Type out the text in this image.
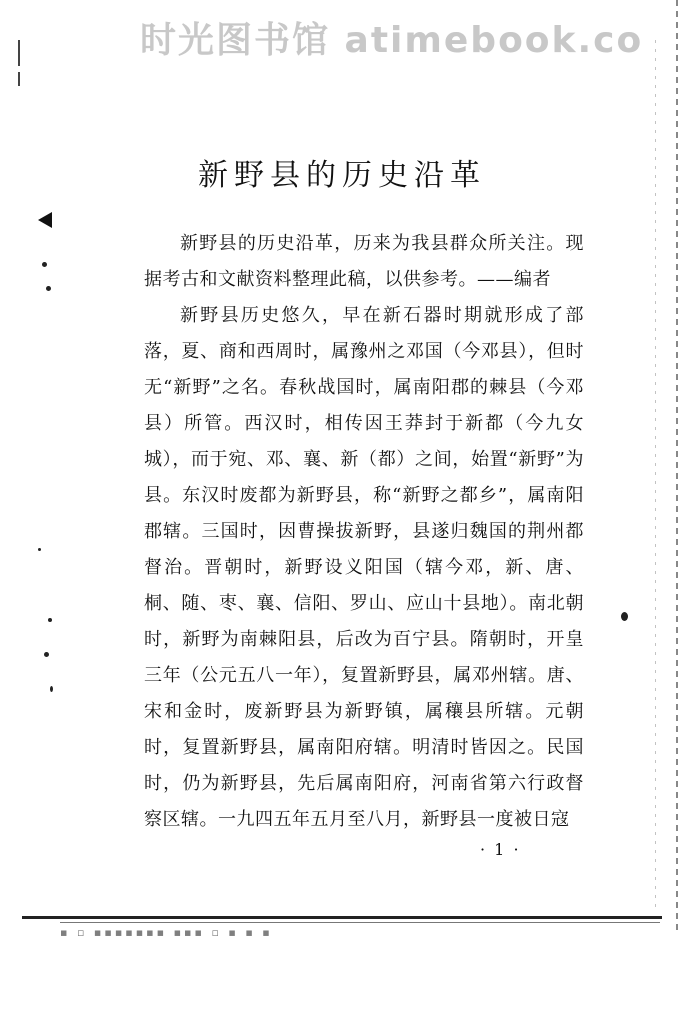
时光图书馆 atimebook.co
新野县的历史沿革

新野县的历史沿革，历来为我县群众所关注。现据考古和文献资料整理此稿，以供参考。——编者

新野县历史悠久，早在新石器时期就形成了部落，夏、商和西周时，属豫州之邓国（今邓县），但时无“新野”之名。春秋战国时，属南阳郡的棘县（今邓县）所管。西汉时，相传因王莽封于新都（今九女城），而于宛、邓、襄、新（都）之间，始置“新野”为县。东汉时废都为新野县，称“新野之都乡”，属南阳郡辖。三国时，因曹操拔新野，县遂归魏国的荆州都督治。晋朝时，新野设义阳国（辖今邓，新、唐、桐、随、枣、襄、信阳、罗山、应山十县地）。南北朝时，新野为南棘阳县，后改为百宁县。隋朝时，开皇三年（公元五八一年），复置新野县，属邓州辖。唐、宋和金时，废新野县为新野镇，属穰县所辖。元朝时，复置新野县，属南阳府辖。明清时皆因之。民国时，仍为新野县，先后属南阳府，河南省第六行政督察区辖。一九四五年五月至八月，新野县一度被日寇

· 1 ·
▪ ▫ ▪▪▪▪▪▪▪ ▪▪▪ ▫ ▪ ▪ ▪
